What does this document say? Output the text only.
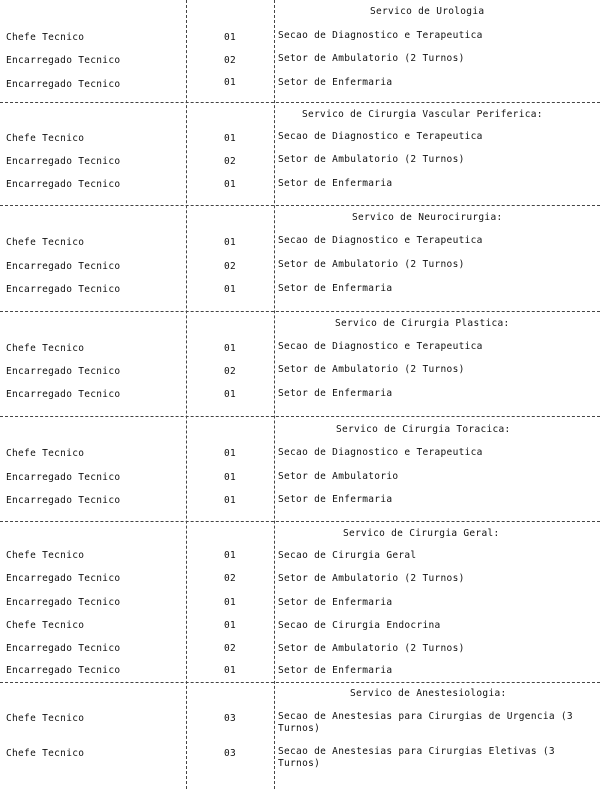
Servico de Urologia
Chefe Tecnico	01	Secao de Diagnostico e Terapeutica
Encarregado Tecnico	02	Setor de Ambulatorio (2 Turnos)
Encarregado Tecnico	01	Setor de Enfermaria
Servico de Cirurgia Vascular Periferica:
Chefe Tecnico	01	Secao de Diagnostico e Terapeutica
Encarregado Tecnico	02	Setor de Ambulatorio (2 Turnos)
Encarregado Tecnico	01	Setor de Enfermaria
Servico de Neurocirurgia:
Chefe Tecnico	01	Secao de Diagnostico e Terapeutica
Encarregado Tecnico	02	Setor de Ambulatorio (2 Turnos)
Encarregado Tecnico	01	Setor de Enfermaria
Servico de Cirurgia Plastica:
Chefe Tecnico	01	Secao de Diagnostico e Terapeutica
Encarregado Tecnico	02	Setor de Ambulatorio (2 Turnos)
Encarregado Tecnico	01	Setor de Enfermaria
Servico de Cirurgia Toracica:
Chefe Tecnico	01	Secao de Diagnostico e Terapeutica
Encarregado Tecnico	01	Setor de Ambulatorio
Encarregado Tecnico	01	Setor de Enfermaria
Servico de Cirurgia Geral:
Chefe Tecnico	01	Secao de Cirurgia Geral
Encarregado Tecnico	02	Setor de Ambulatorio (2 Turnos)
Encarregado Tecnico	01	Setor de Enfermaria
Chefe Tecnico	01	Secao de Cirurgia Endocrina
Encarregado Tecnico	02	Setor de Ambulatorio (2 Turnos)
Encarregado Tecnico	01	Setor de Enfermaria
Servico de Anestesiologia:
Chefe Tecnico	03	Secao de Anestesias para Cirurgias de Urgencia (3 Turnos)
Chefe Tecnico	03	Secao de Anestesias para Cirurgias Eletivas (3 Turnos)
